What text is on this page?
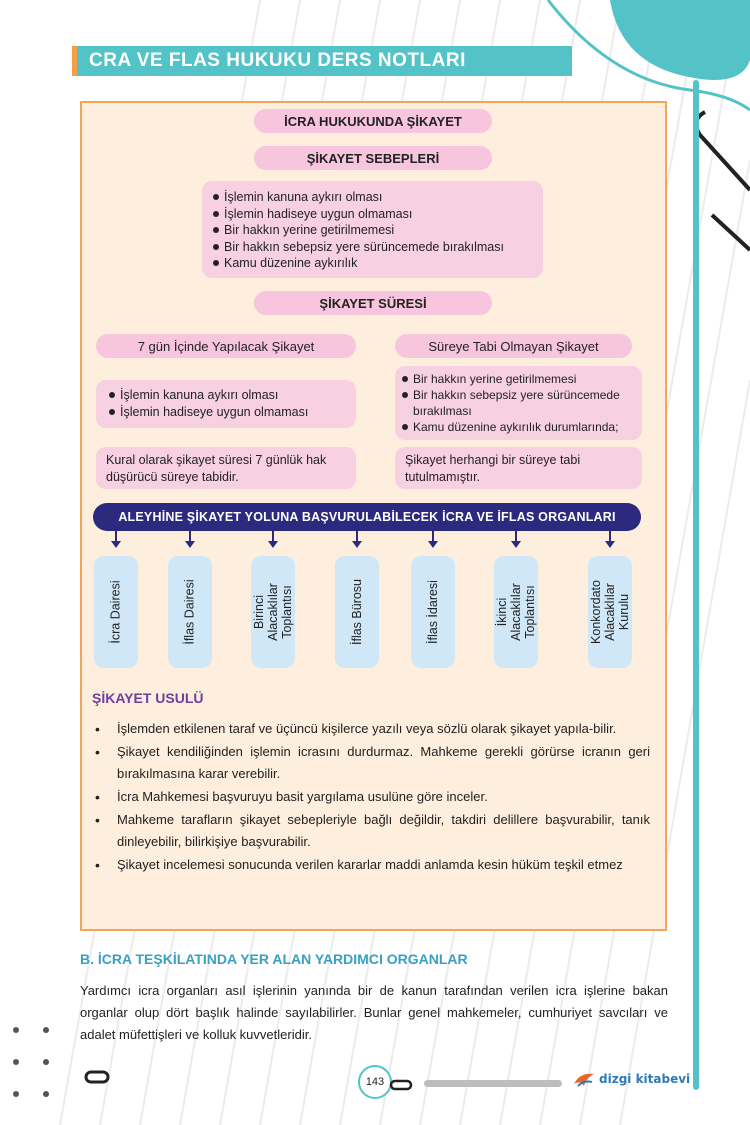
CRA VE FLAS HUKUKU DERS NOTLARI
İCRA HUKUKUNDA ŞİKAYET
ŞİKAYET SEBEPLERİ
İşlemin kanuna aykırı olması
İşlemin hadiseye uygun olmaması
Bir hakkın yerine getirilmemesi
Bir hakkın sebepsiz yere sürüncemede bırakılması
Kamu düzenine aykırılık
ŞİKAYET SÜRESİ
7 gün İçinde Yapılacak Şikayet
İşlemin kanuna aykırı olması
İşlemin hadiseye uygun olmaması
Kural olarak şikayet süresi 7 günlük hak düşürücü süreye tabidir.
Süreye Tabi Olmayan Şikayet
Bir hakkın yerine getirilmemesi
Bir hakkın sebepsiz yere sürüncemede bırakılması
Kamu düzenine aykırılık durumlarında;
Şikayet herhangi bir süreye tabi tutulmamıştır.
ALEYHİNE ŞİKAYET YOLUNA BAŞVURULABİLECEK İCRA VE İFLAS ORGANLARI
İcra Dairesi	İflas Dairesi	Birinci Alacaklılar Toplantısı	İflas Bürosu	İflas İdaresi	İkinci Alacaklılar Toplantısı	Konkordato Alacaklılar Kurulu
ŞİKAYET USULÜ
• İşlemden etkilenen taraf ve üçüncü kişilerce yazılı veya sözlü olarak şikayet yapıla-bilir.
• Şikayet kendiliğinden işlemin icrasını durdurmaz. Mahkeme gerekli görürse icranın geri bırakılmasına karar verebilir.
• İcra Mahkemesi başvuruyu basit yargılama usulüne göre inceler.
• Mahkeme tarafların şikayet sebepleriyle bağlı değildir, takdiri delillere başvurabilir, tanık dinleyebilir, bilirkişiye başvurabilir.
• Şikayet incelemesi sonucunda verilen kararlar maddi anlamda kesin hüküm teşkil etmez
B. İCRA TEŞKİLATINDA YER ALAN YARDIMCI ORGANLAR
Yardımcı icra organları asıl işlerinin yanında bir de kanun tarafından verilen icra işlerine bakan organlar olup dört başlık halinde sayılabilirler. Bunlar genel mahkemeler, cumhuriyet savcıları ve adalet müfettişleri ve kolluk kuvvetleridir.
143	dizgi kitabevi
